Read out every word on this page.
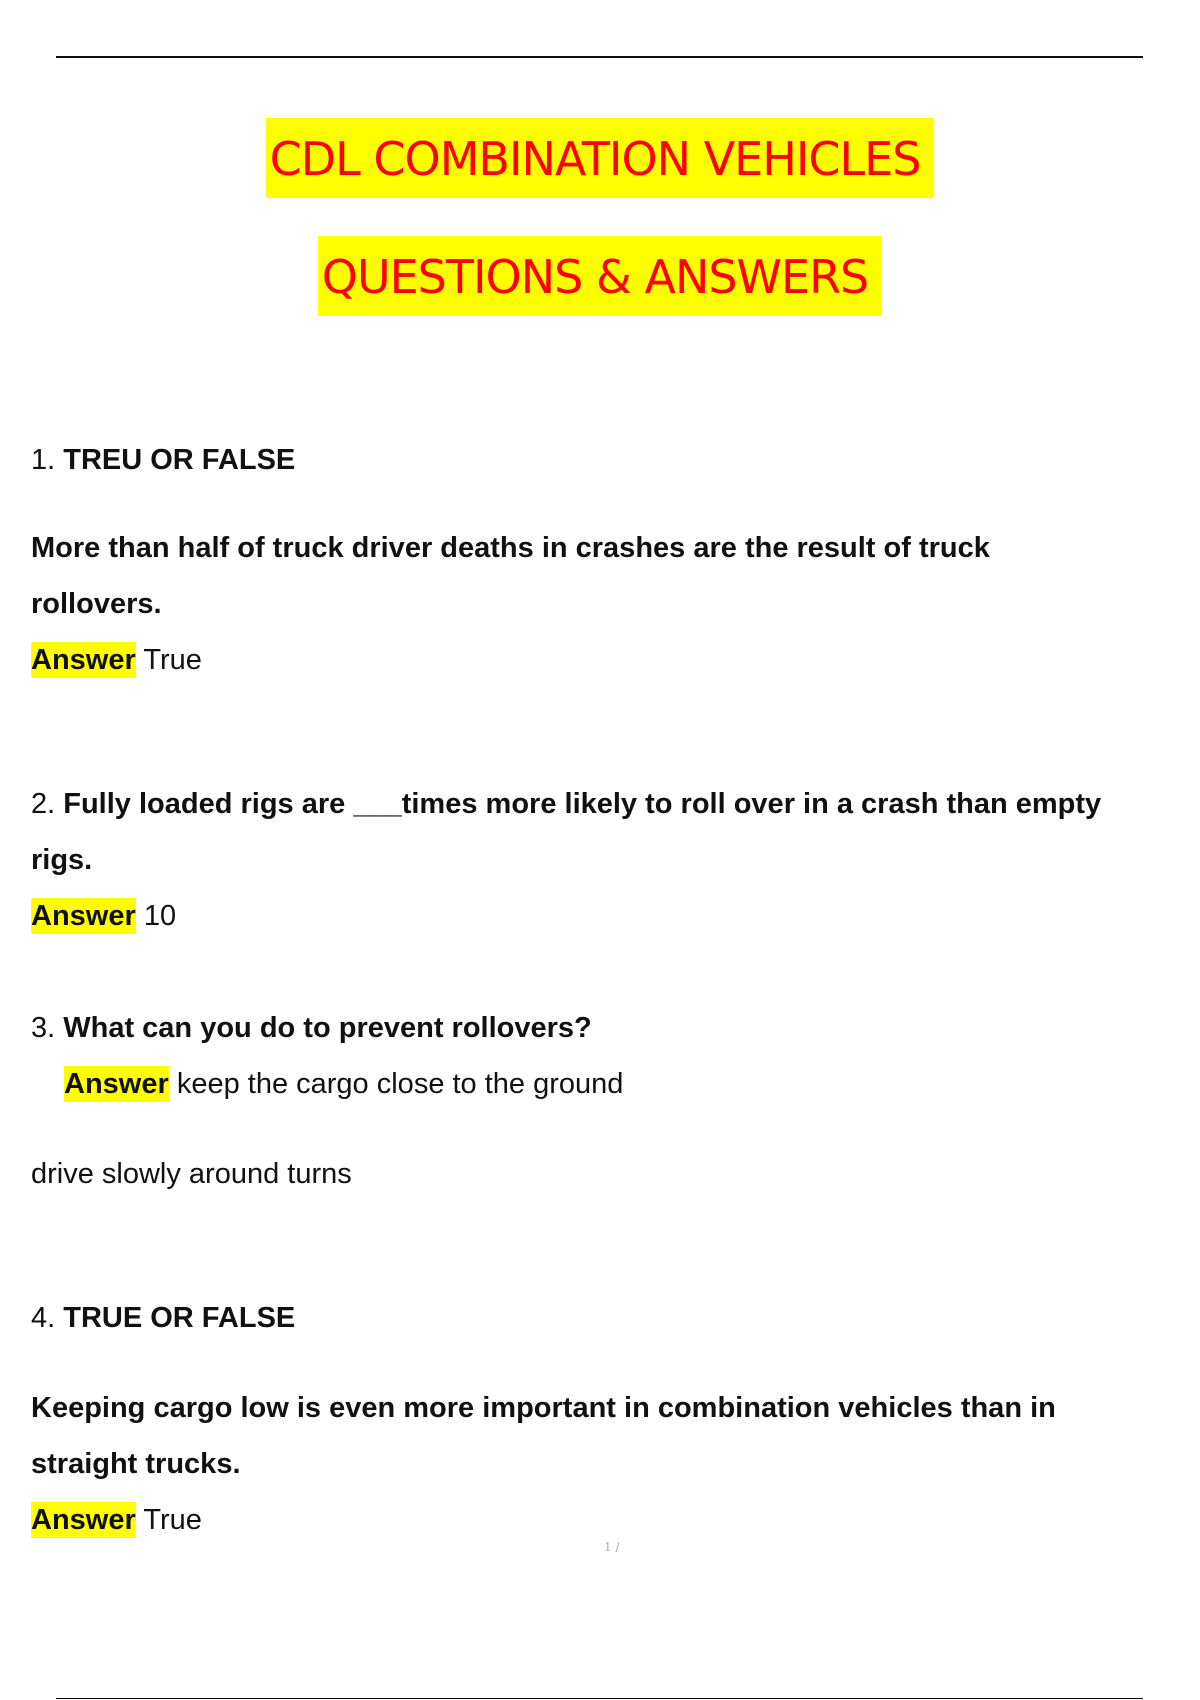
CDL COMBINATION VEHICLES
QUESTIONS & ANSWERS
1. TREU OR FALSE
More than half of truck driver deaths in crashes are the result of truck
rollovers.
Answer True
2. Fully loaded rigs are ___times more likely to roll over in a crash than empty
rigs.
Answer 10
3. What can you do to prevent rollovers?
Answer keep the cargo close to the ground
drive slowly around turns
4. TRUE OR FALSE
Keeping cargo low is even more important in combination vehicles than in
straight trucks.
Answer True
1 /
